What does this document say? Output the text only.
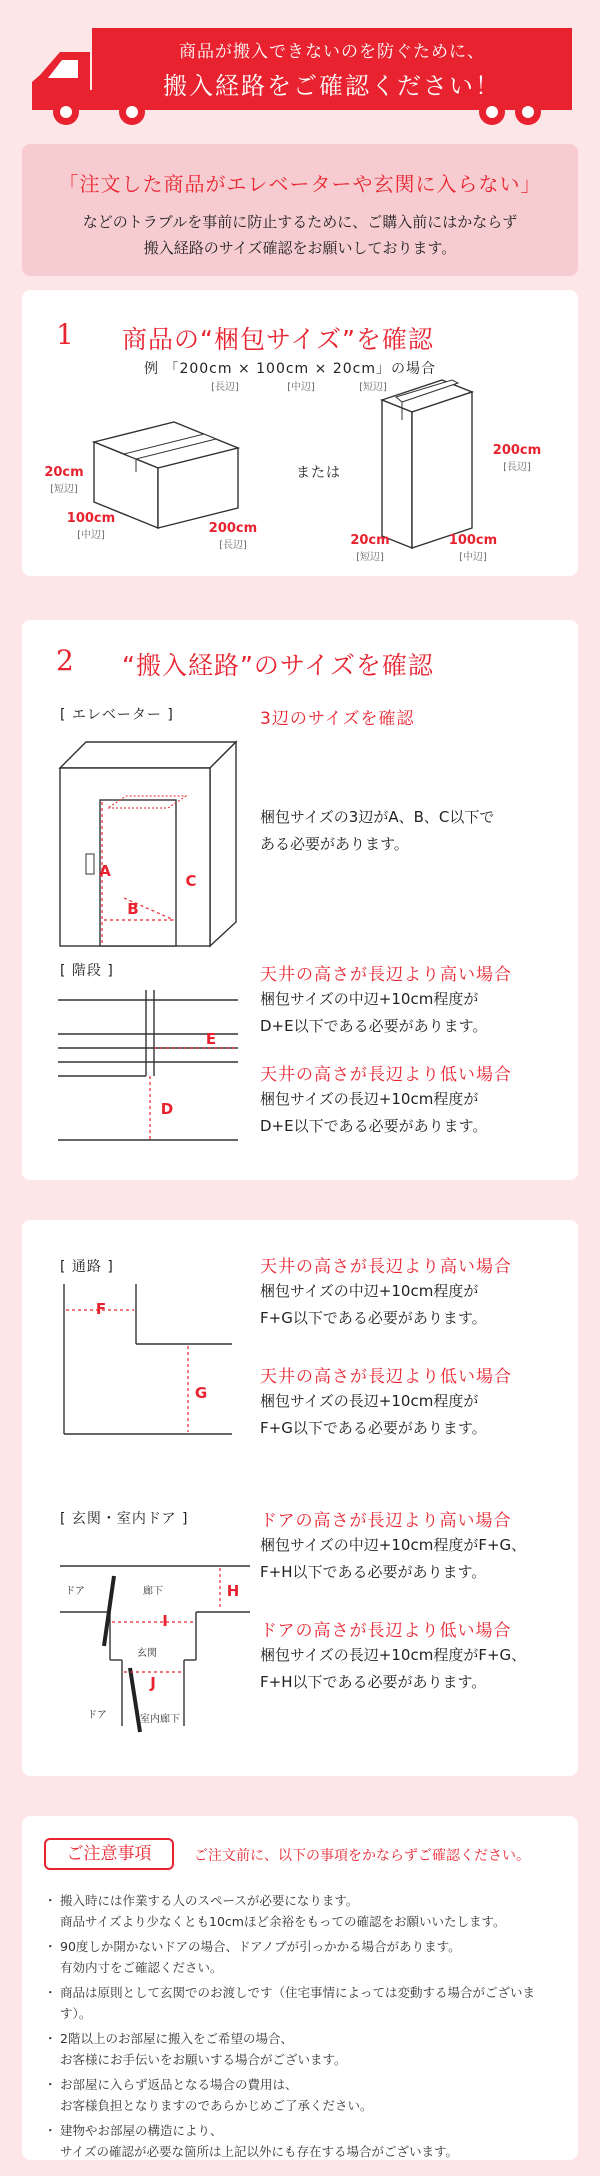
商品が搬入できないのを防ぐために、
搬入経路をご確認ください！
「注文した商品がエレベーターや玄関に入らない」
などのトラブルを事前に防止するために、ご購入前にはかならず
搬入経路のサイズ確認をお願いしております。
1 商品の“梱包サイズ”を確認
例 「200cm × 100cm × 20cm」の場合
[長辺]	[中辺]	[短辺]
20cm
[短辺]
100cm
[中辺]	200cm
[長辺]
または
200cm
[長辺]
20cm
[短辺]
100cm
[中辺]
2 “搬入経路”のサイズを確認
[ エレベーター ]	3辺のサイズを確認
A
C
B
梱包サイズの3辺がA、B、C以下で
ある必要があります。
[ 階段 ]
E
D
天井の高さが長辺より高い場合
梱包サイズの中辺+10cm程度が
D+E以下である必要があります。
天井の高さが長辺より低い場合
梱包サイズの長辺+10cm程度が
D+E以下である必要があります。
[ 通路 ]
F
G
天井の高さが長辺より高い場合
梱包サイズの中辺+10cm程度が
F+G以下である必要があります。
天井の高さが長辺より低い場合
梱包サイズの長辺+10cm程度が
F+G以下である必要があります。
[ 玄関・室内ドア ]
ドア	廊下
玄関
ドア	室内廊下
H
I
J
ドアの高さが長辺より高い場合
梱包サイズの中辺+10cm程度がF+G、
F+H以下である必要があります。
ドアの高さが長辺より低い場合
梱包サイズの長辺+10cm程度がF+G、
F+H以下である必要があります。
ご注意事項	ご注文前に、以下の事項をかならずご確認ください。
・ 搬入時には作業する人のスペースが必要になります。
商品サイズより少なくとも10cmほど余裕をもっての確認をお願いいたします。
・ 90度しか開かないドアの場合、ドアノブが引っかかる場合があります。
有効内寸をご確認ください。
・ 商品は原則として玄関でのお渡しです（住宅事情によっては変動する場合がございます）。
・ 2階以上のお部屋に搬入をご希望の場合、
お客様にお手伝いをお願いする場合がございます。
・ お部屋に入らず返品となる場合の費用は、
お客様負担となりますのであらかじめご了承ください。
・ 建物やお部屋の構造により、
サイズの確認が必要な箇所は上記以外にも存在する場合がございます。
